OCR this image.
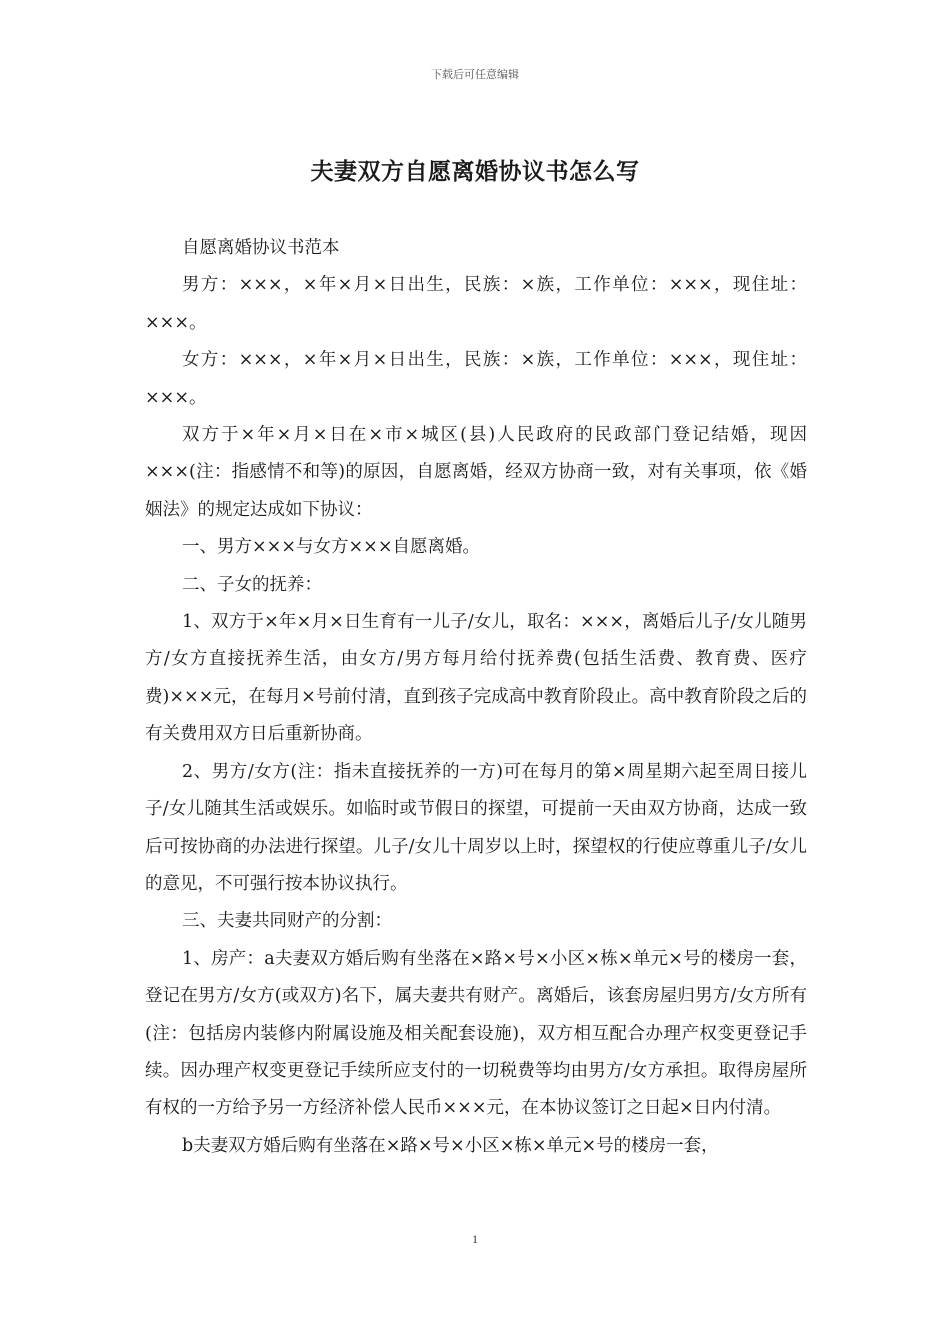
下载后可任意编辑
夫妻双方自愿离婚协议书怎么写

自愿离婚协议书范本

男方：×××，×年×月×日出生，民族：×族，工作单位：×××，现住址：×××。

女方：×××，×年×月×日出生，民族：×族，工作单位：×××，现住址：×××。

双方于×年×月×日在×市×城区(县)人民政府的民政部门登记结婚，现因×××(注：指感情不和等)的原因，自愿离婚，经双方协商一致，对有关事项，依《婚姻法》的规定达成如下协议：

一、男方×××与女方×××自愿离婚。

二、子女的抚养：

1、双方于×年×月×日生育有一儿子/女儿，取名：×××，离婚后儿子/女儿随男方/女方直接抚养生活，由女方/男方每月给付抚养费(包括生活费、教育费、医疗费)×××元，在每月×号前付清，直到孩子完成高中教育阶段止。高中教育阶段之后的有关费用双方日后重新协商。

2、男方/女方(注：指未直接抚养的一方)可在每月的第×周星期六起至周日接儿子/女儿随其生活或娱乐。如临时或节假日的探望，可提前一天由双方协商，达成一致后可按协商的办法进行探望。儿子/女儿十周岁以上时，探望权的行使应尊重儿子/女儿的意见，不可强行按本协议执行。

三、夫妻共同财产的分割：

1、房产：a夫妻双方婚后购有坐落在×路×号×小区×栋×单元×号的楼房一套，登记在男方/女方(或双方)名下，属夫妻共有财产。离婚后，该套房屋归男方/女方所有(注：包括房内装修内附属设施及相关配套设施)，双方相互配合办理产权变更登记手续。因办理产权变更登记手续所应支付的一切税费等均由男方/女方承担。取得房屋所有权的一方给予另一方经济补偿人民币×××元，在本协议签订之日起×日内付清。

b夫妻双方婚后购有坐落在×路×号×小区×栋×单元×号的楼房一套，

1
